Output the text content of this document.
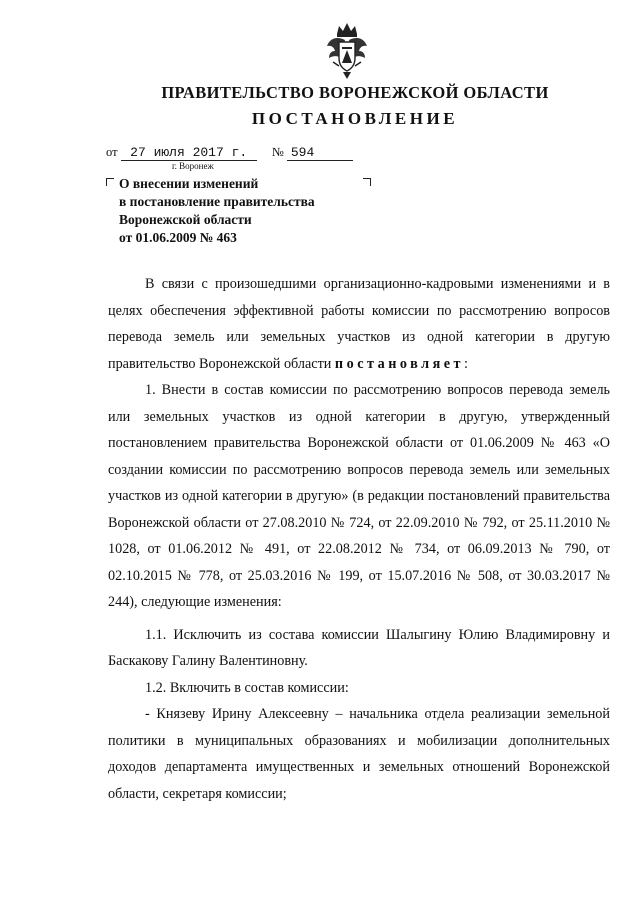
ПРАВИТЕЛЬСТВО ВОРОНЕЖСКОЙ ОБЛАСТИ
ПОСТАНОВЛЕНИЕ
от 27 июля 2017 г. № 594
г. Воронеж
О внесении изменений
в постановление правительства
Воронежской области
от 01.06.2009 № 463

В связи с произошедшими организационно-кадровыми изменениями и в целях обеспечения эффективной работы комиссии по рассмотрению вопросов перевода земель или земельных участков из одной категории в другую правительство Воронежской области постановляет:

1. Внести в состав комиссии по рассмотрению вопросов перевода земель или земельных участков из одной категории в другую, утвержденный постановлением правительства Воронежской области от 01.06.2009 № 463 «О создании комиссии по рассмотрению вопросов перевода земель или земельных участков из одной категории в другую» (в редакции постановлений правительства Воронежской области от 27.08.2010 № 724, от 22.09.2010 № 792, от 25.11.2010 № 1028, от 01.06.2012 № 491, от 22.08.2012 № 734, от 06.09.2013 № 790, от 02.10.2015 № 778, от 25.03.2016 № 199, от 15.07.2016 № 508, от 30.03.2017 № 244), следующие изменения:

1.1. Исключить из состава комиссии Шалыгину Юлию Владимировну и Баскакову Галину Валентиновну.

1.2. Включить в состав комиссии:

- Князеву Ирину Алексеевну – начальника отдела реализации земельной политики в муниципальных образованиях и мобилизации дополнительных доходов департамента имущественных и земельных отношений Воронежской области, секретаря комиссии;
